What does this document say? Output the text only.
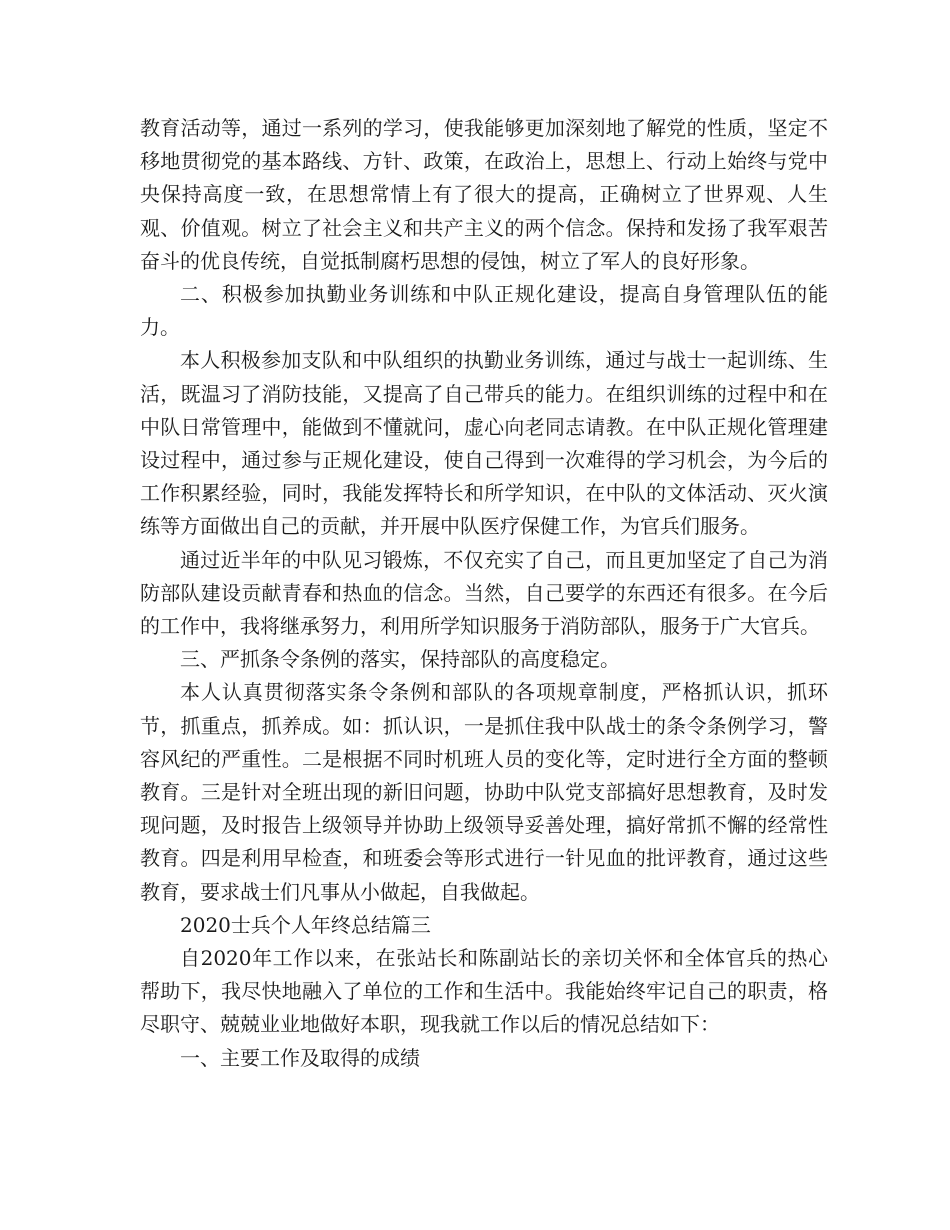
教育活动等，通过一系列的学习，使我能够更加深刻地了解党的性质，坚定不移地贯彻党的基本路线、方针、政策，在政治上，思想上、行动上始终与党中央保持高度一致，在思想常情上有了很大的提高，正确树立了世界观、人生观、价值观。树立了社会主义和共产主义的两个信念。保持和发扬了我军艰苦奋斗的优良传统，自觉抵制腐朽思想的侵蚀，树立了军人的良好形象。

二、积极参加执勤业务训练和中队正规化建设，提高自身管理队伍的能力。

本人积极参加支队和中队组织的执勤业务训练，通过与战士一起训练、生活，既温习了消防技能，又提高了自己带兵的能力。在组织训练的过程中和在中队日常管理中，能做到不懂就问，虚心向老同志请教。在中队正规化管理建设过程中，通过参与正规化建设，使自己得到一次难得的学习机会，为今后的工作积累经验，同时，我能发挥特长和所学知识，在中队的文体活动、灭火演练等方面做出自己的贡献，并开展中队医疗保健工作，为官兵们服务。

通过近半年的中队见习锻炼，不仅充实了自己，而且更加坚定了自己为消防部队建设贡献青春和热血的信念。当然，自己要学的东西还有很多。在今后的工作中，我将继承努力，利用所学知识服务于消防部队，服务于广大官兵。

三、严抓条令条例的落实，保持部队的高度稳定。

本人认真贯彻落实条令条例和部队的各项规章制度，严格抓认识，抓环节，抓重点，抓养成。如：抓认识，一是抓住我中队战士的条令条例学习，警容风纪的严重性。二是根据不同时机班人员的变化等，定时进行全方面的整顿教育。三是针对全班出现的新旧问题，协助中队党支部搞好思想教育，及时发现问题，及时报告上级领导并协助上级领导妥善处理，搞好常抓不懈的经常性教育。四是利用早检查，和班委会等形式进行一针见血的批评教育，通过这些教育，要求战士们凡事从小做起，自我做起。

2020士兵个人年终总结篇三

自2020年工作以来，在张站长和陈副站长的亲切关怀和全体官兵的热心帮助下，我尽快地融入了单位的工作和生活中。我能始终牢记自己的职责，格尽职守、兢兢业业地做好本职，现我就工作以后的情况总结如下：

一、主要工作及取得的成绩
